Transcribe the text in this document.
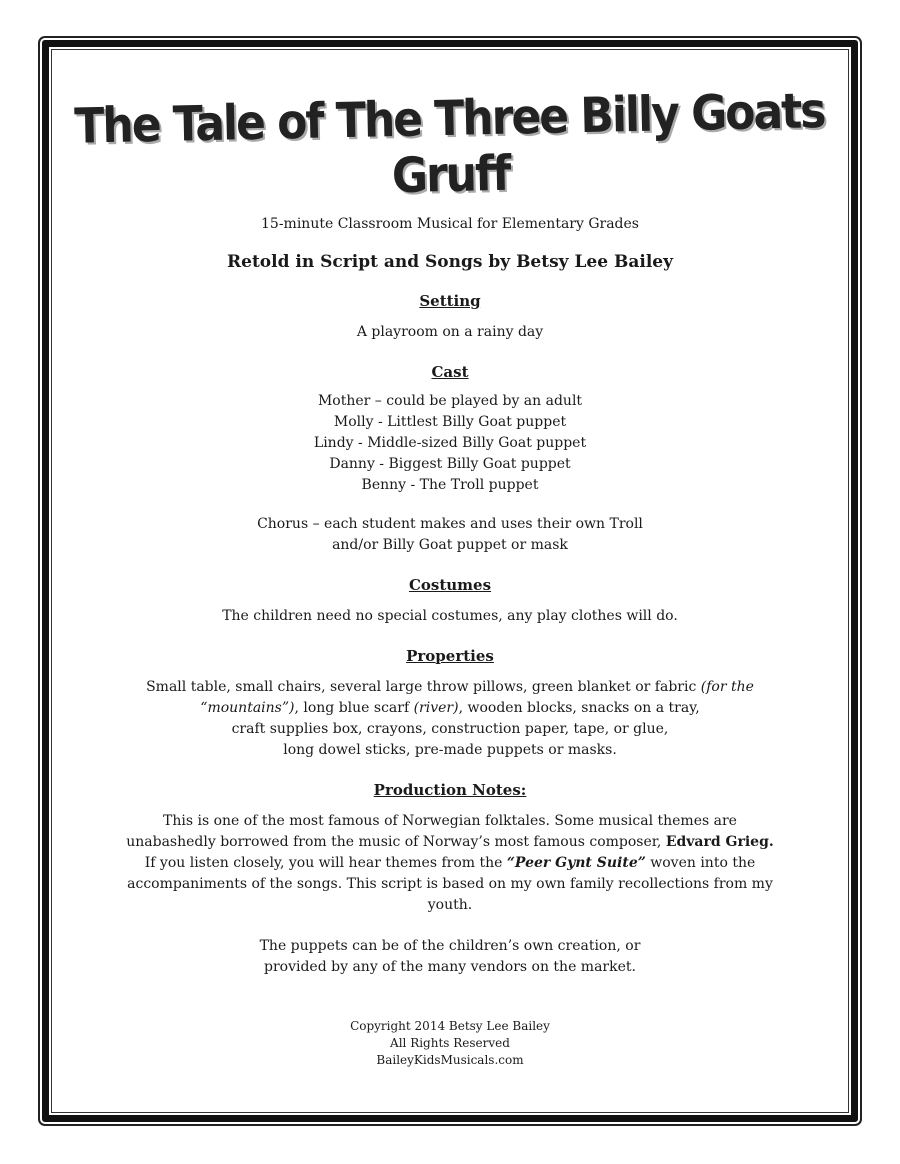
The Tale of The Three Billy Goats Gruff
15-minute Classroom Musical for Elementary Grades
Retold in Script and Songs by Betsy Lee Bailey
Setting
A playroom on a rainy day
Cast
Mother – could be played by an adult
Molly - Littlest Billy Goat puppet
Lindy - Middle-sized Billy Goat puppet
Danny - Biggest Billy Goat puppet
Benny - The Troll puppet
Chorus – each student makes and uses their own Troll
and/or Billy Goat puppet or mask
Costumes
The children need no special costumes, any play clothes will do.
Properties
Small table, small chairs, several large throw pillows, green blanket or fabric (for the “mountains”), long blue scarf (river), wooden blocks, snacks on a tray,
craft supplies box, crayons, construction paper, tape, or glue,
long dowel sticks, pre-made puppets or masks.
Production Notes:
This is one of the most famous of Norwegian folktales. Some musical themes are unabashedly borrowed from the music of Norway’s most famous composer, Edvard Grieg. If you listen closely, you will hear themes from the “Peer Gynt Suite” woven into the accompaniments of the songs. This script is based on my own family recollections from my youth.
The puppets can be of the children’s own creation, or
provided by any of the many vendors on the market.
Copyright 2014 Betsy Lee Bailey
All Rights Reserved
BaileyKidsMusicals.com
